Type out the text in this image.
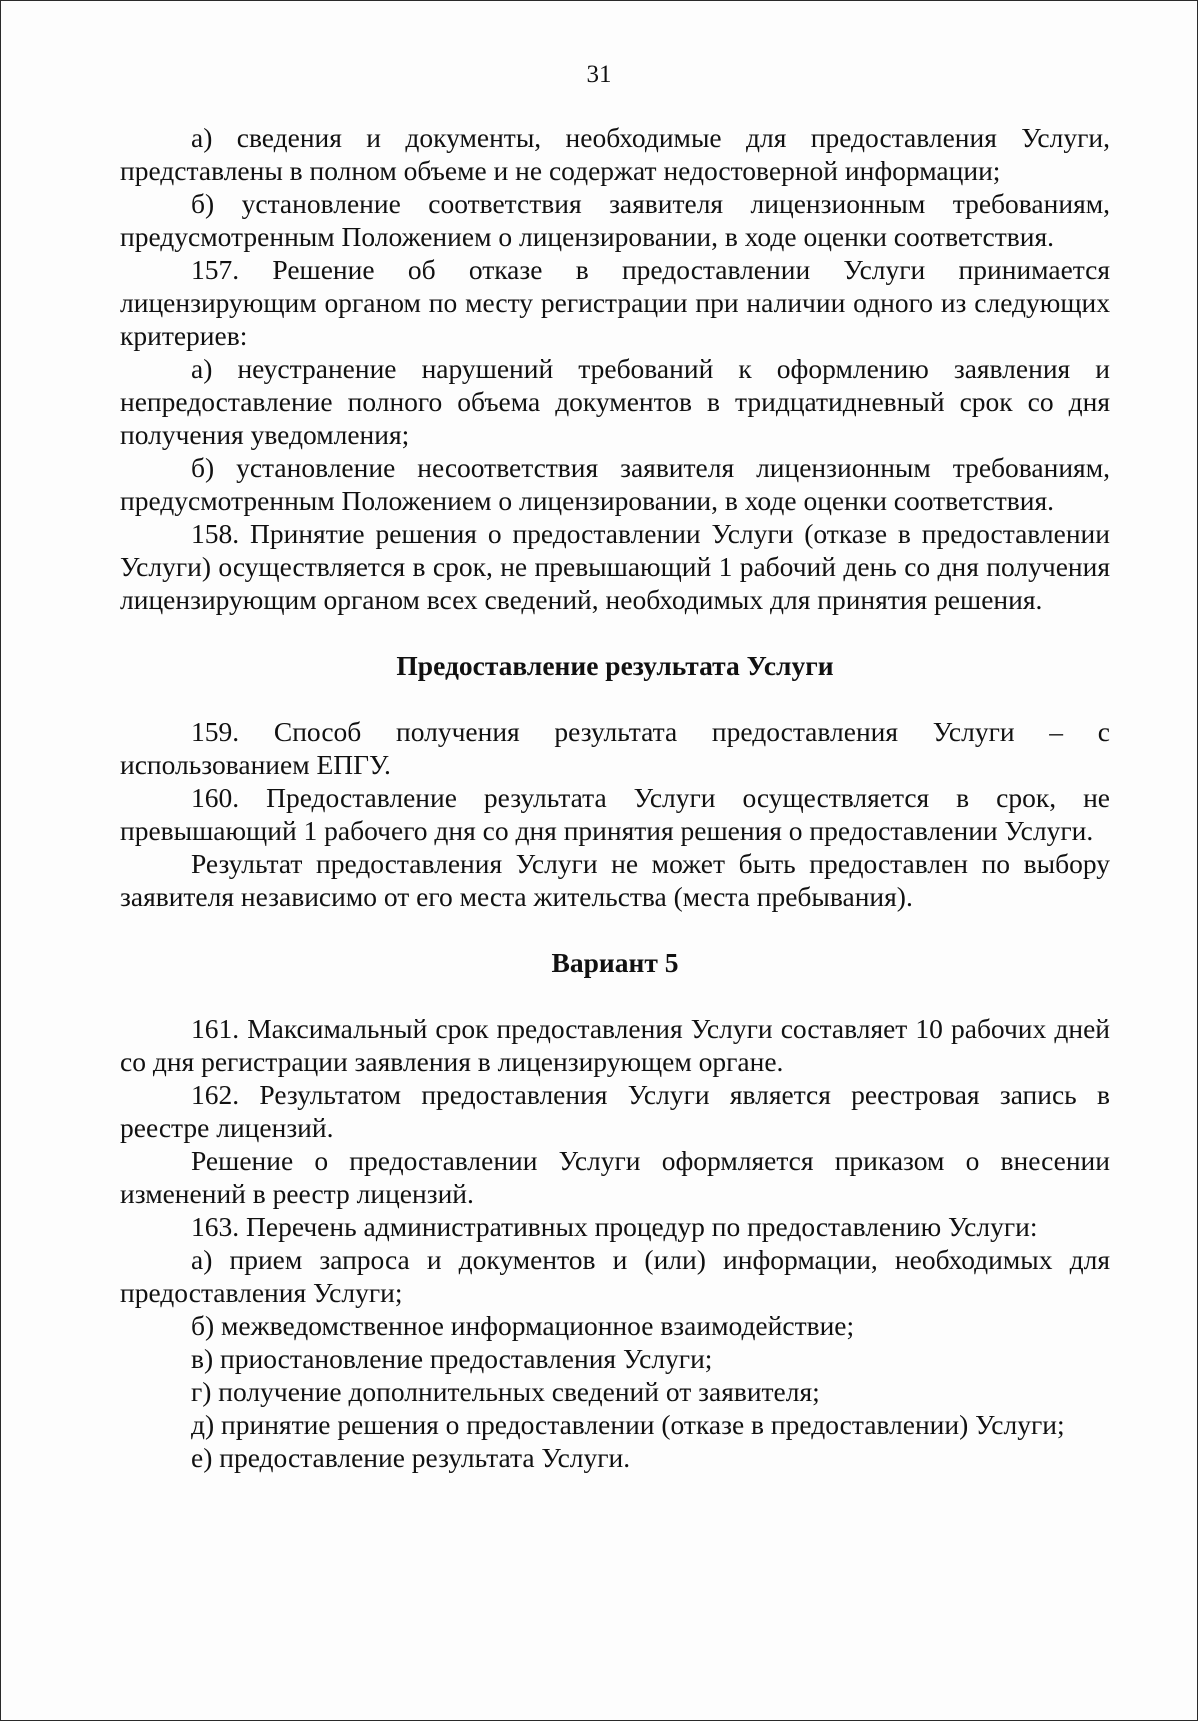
31

а) сведения и документы, необходимые для предоставления Услуги, представлены в полном объеме и не содержат недостоверной информации;

б) установление соответствия заявителя лицензионным требованиям, предусмотренным Положением о лицензировании, в ходе оценки соответствия.

157. Решение об отказе в предоставлении Услуги принимается лицензирующим органом по месту регистрации при наличии одного из следующих критериев:

а) неустранение нарушений требований к оформлению заявления и непредоставление полного объема документов в тридцатидневный срок со дня получения уведомления;

б) установление несоответствия заявителя лицензионным требованиям, предусмотренным Положением о лицензировании, в ходе оценки соответствия.

158. Принятие решения о предоставлении Услуги (отказе в предоставлении Услуги) осуществляется в срок, не превышающий 1 рабочий день со дня получения лицензирующим органом всех сведений, необходимых для принятия решения.

Предоставление результата Услуги

159. Способ получения результата предоставления Услуги – с использованием ЕПГУ.

160. Предоставление результата Услуги осуществляется в срок, не превышающий 1 рабочего дня со дня принятия решения о предоставлении Услуги.

Результат предоставления Услуги не может быть предоставлен по выбору заявителя независимо от его места жительства (места пребывания).

Вариант 5

161. Максимальный срок предоставления Услуги составляет 10 рабочих дней со дня регистрации заявления в лицензирующем органе.

162. Результатом предоставления Услуги является реестровая запись в реестре лицензий.

Решение о предоставлении Услуги оформляется приказом о внесении изменений в реестр лицензий.

163. Перечень административных процедур по предоставлению Услуги:

а) прием запроса и документов и (или) информации, необходимых для предоставления Услуги;

б) межведомственное информационное взаимодействие;

в) приостановление предоставления Услуги;

г) получение дополнительных сведений от заявителя;

д) принятие решения о предоставлении (отказе в предоставлении) Услуги;

е) предоставление результата Услуги.
